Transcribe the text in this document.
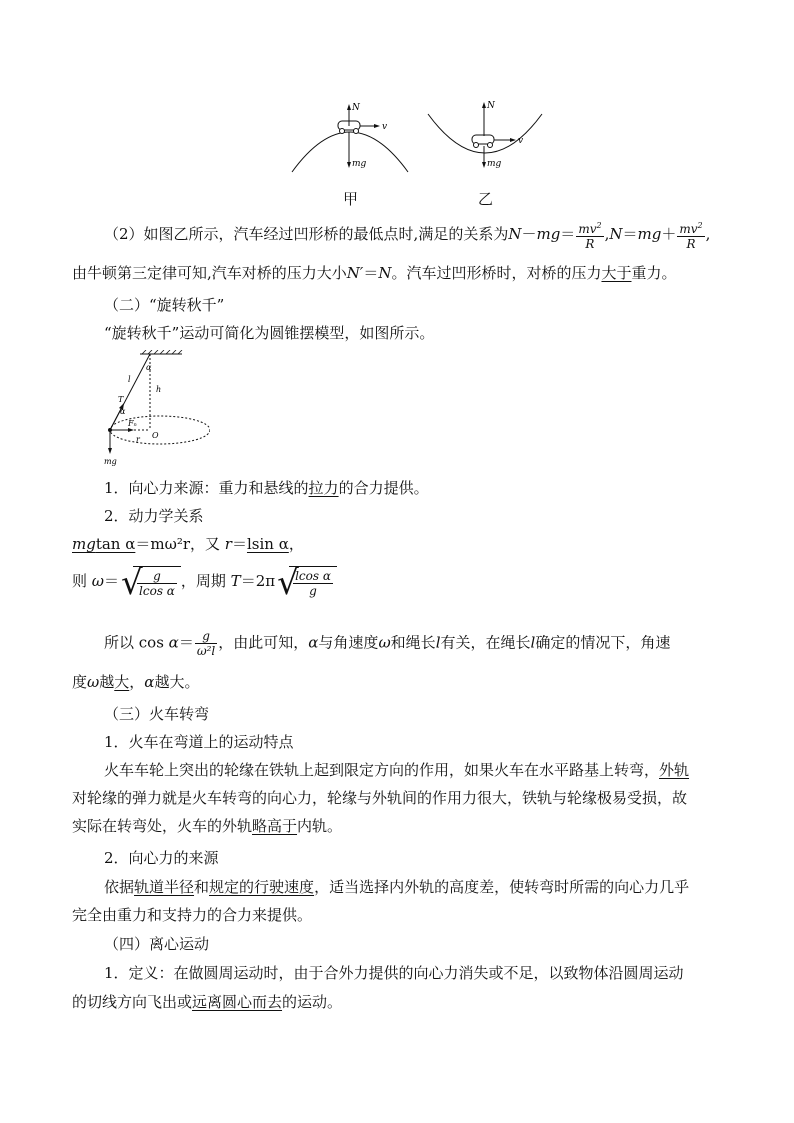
N
v
mg
N
v
mg
甲	乙
（2）如图乙所示，汽车经过凹形桥的最低点时,满足的关系为$N-mg= \frac{mv^2}{R} ,N=mg+ \frac{mv^2}{R}$ ,
由牛顿第三定律可知,汽车对桥的压力大小N′＝N。汽车过凹形桥时，对桥的压力大于重力。
（二）“旋转秋千”
“旋转秋千”运动可简化为圆锥摆模型，如图所示。
α
h
l
T
α
Fₙ
O
r
mg
1．向心力来源：重力和悬线的拉力的合力提供。
2．动力学关系
mgtan α＝mω²r，又 r＝lsin α，
则 ω＝ √
$\frac{g}{\text{lcos α}}$ ，周期 T＝2π √
$\frac{\text{lcos α}}{g}$
所以 $\cos \alpha= \frac{g}{\text{ω²l}}$ ，由此可知，α与角速度ω和绳长l有关，在绳长l确定的情况下，角速
度ω越大，α越大。
（三）火车转弯
1．火车在弯道上的运动特点
火车车轮上突出的轮缘在铁轨上起到限定方向的作用，如果火车在水平路基上转弯，外轨
对轮缘的弹力就是火车转弯的向心力，轮缘与外轨间的作用力很大，铁轨与轮缘极易受损，故
实际在转弯处，火车的外轨略高于内轨。
2．向心力的来源
依据轨道半径和规定的行驶速度，适当选择内外轨的高度差，使转弯时所需的向心力几乎
完全由重力和支持力的合力来提供。
（四）离心运动
1．定义：在做圆周运动时，由于合外力提供的向心力消失或不足，以致物体沿圆周运动
的切线方向飞出或远离圆心而去的运动。
